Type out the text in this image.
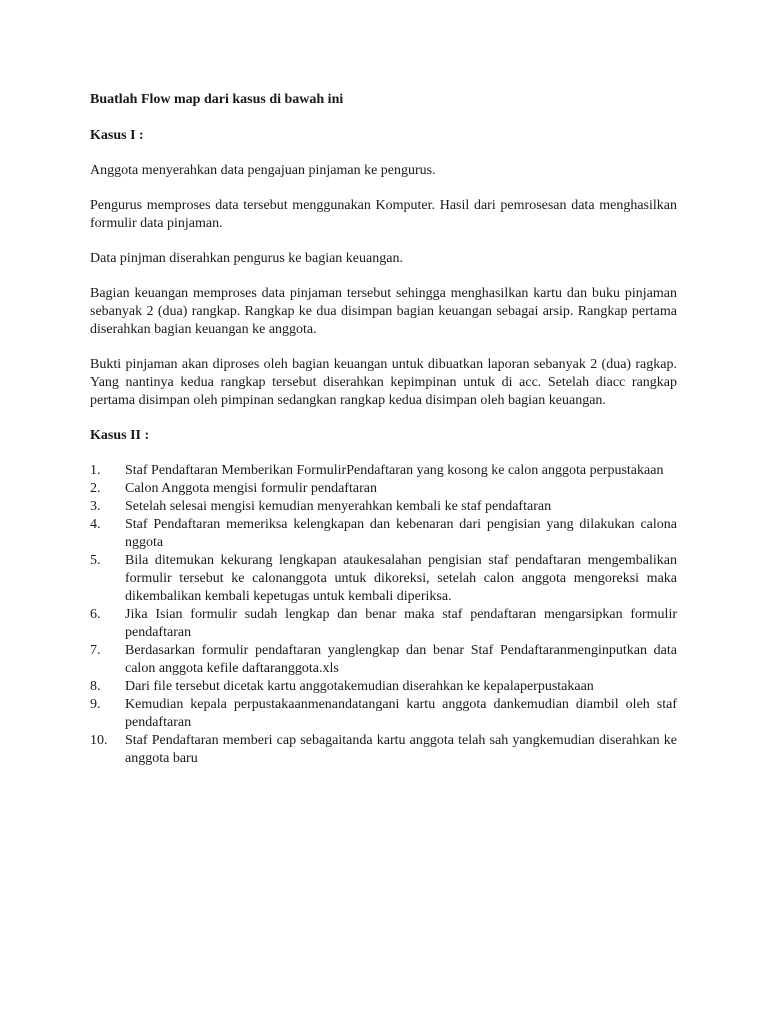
Buatlah Flow map dari kasus di bawah ini

Kasus I :

Anggota menyerahkan data pengajuan pinjaman ke pengurus.

Pengurus memproses data tersebut menggunakan Komputer. Hasil dari pemrosesan data menghasilkan formulir data pinjaman.

Data pinjman diserahkan pengurus ke bagian keuangan.

Bagian keuangan memproses data pinjaman tersebut sehingga menghasilkan kartu dan buku pinjaman sebanyak 2 (dua) rangkap. Rangkap ke dua disimpan bagian keuangan sebagai arsip. Rangkap pertama diserahkan bagian keuangan ke anggota.

Bukti pinjaman akan diproses oleh bagian keuangan untuk dibuatkan laporan sebanyak 2 (dua) ragkap. Yang nantinya kedua rangkap tersebut diserahkan kepimpinan untuk di acc. Setelah diacc rangkap pertama disimpan oleh pimpinan sedangkan rangkap kedua disimpan oleh bagian keuangan.

Kasus II :

1. Staf Pendaftaran Memberikan FormulirPendaftaran yang kosong ke calon anggota perpustakaan
2. Calon Anggota mengisi formulir pendaftaran
3. Setelah selesai mengisi kemudian menyerahkan kembali ke staf pendaftaran
4. Staf Pendaftaran memeriksa kelengkapan dan kebenaran dari pengisian yang dilakukan calona nggota
5. Bila ditemukan kekurang lengkapan ataukesalahan pengisian staf pendaftaran mengembalikan formulir tersebut ke calonanggota untuk dikoreksi, setelah calon anggota mengoreksi maka dikembalikan kembali kepetugas untuk kembali diperiksa.
6. Jika Isian formulir sudah lengkap dan benar maka staf pendaftaran mengarsipkan formulir pendaftaran
7. Berdasarkan formulir pendaftaran yanglengkap dan benar Staf Pendaftaranmenginputkan data calon anggota kefile daftaranggota.xls
8. Dari file tersebut dicetak kartu anggotakemudian diserahkan ke kepalaperpustakaan
9. Kemudian kepala perpustakaanmenandatangani kartu anggota dankemudian diambil oleh staf pendaftaran
10. Staf Pendaftaran memberi cap sebagaitanda kartu anggota telah sah yangkemudian diserahkan ke anggota baru
